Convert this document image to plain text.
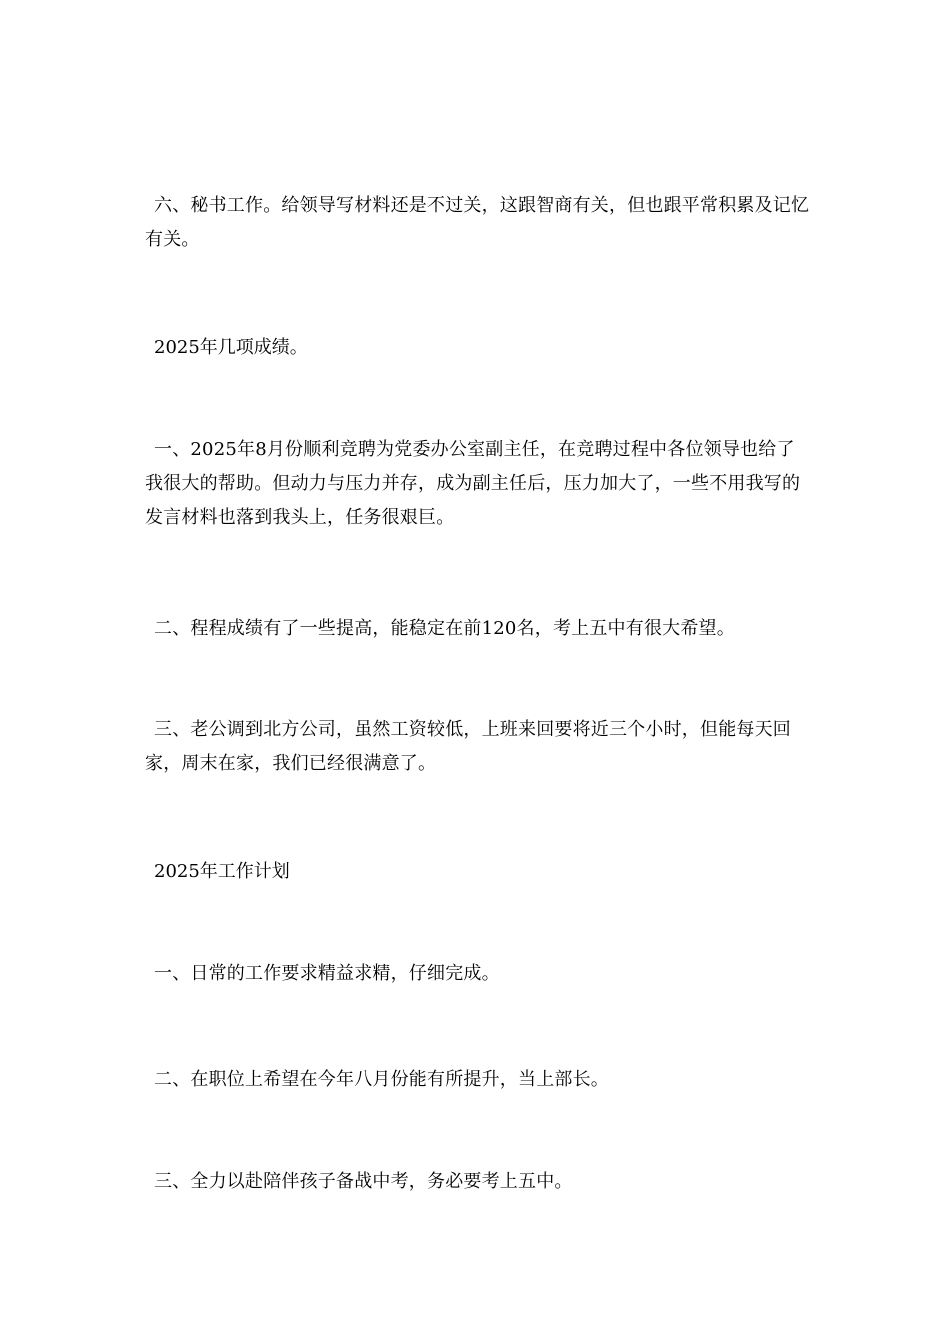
六、秘书工作。给领导写材料还是不过关，这跟智商有关，但也跟平常积累及记忆有关。

2025年几项成绩。

一、2025年8月份顺利竞聘为党委办公室副主任，在竞聘过程中各位领导也给了我很大的帮助。但动力与压力并存，成为副主任后，压力加大了，一些不用我写的发言材料也落到我头上，任务很艰巨。

二、程程成绩有了一些提高，能稳定在前120名，考上五中有很大希望。

三、老公调到北方公司，虽然工资较低，上班来回要将近三个小时，但能每天回家，周末在家，我们已经很满意了。

2025年工作计划

一、日常的工作要求精益求精，仔细完成。

二、在职位上希望在今年八月份能有所提升，当上部长。

三、全力以赴陪伴孩子备战中考，务必要考上五中。
